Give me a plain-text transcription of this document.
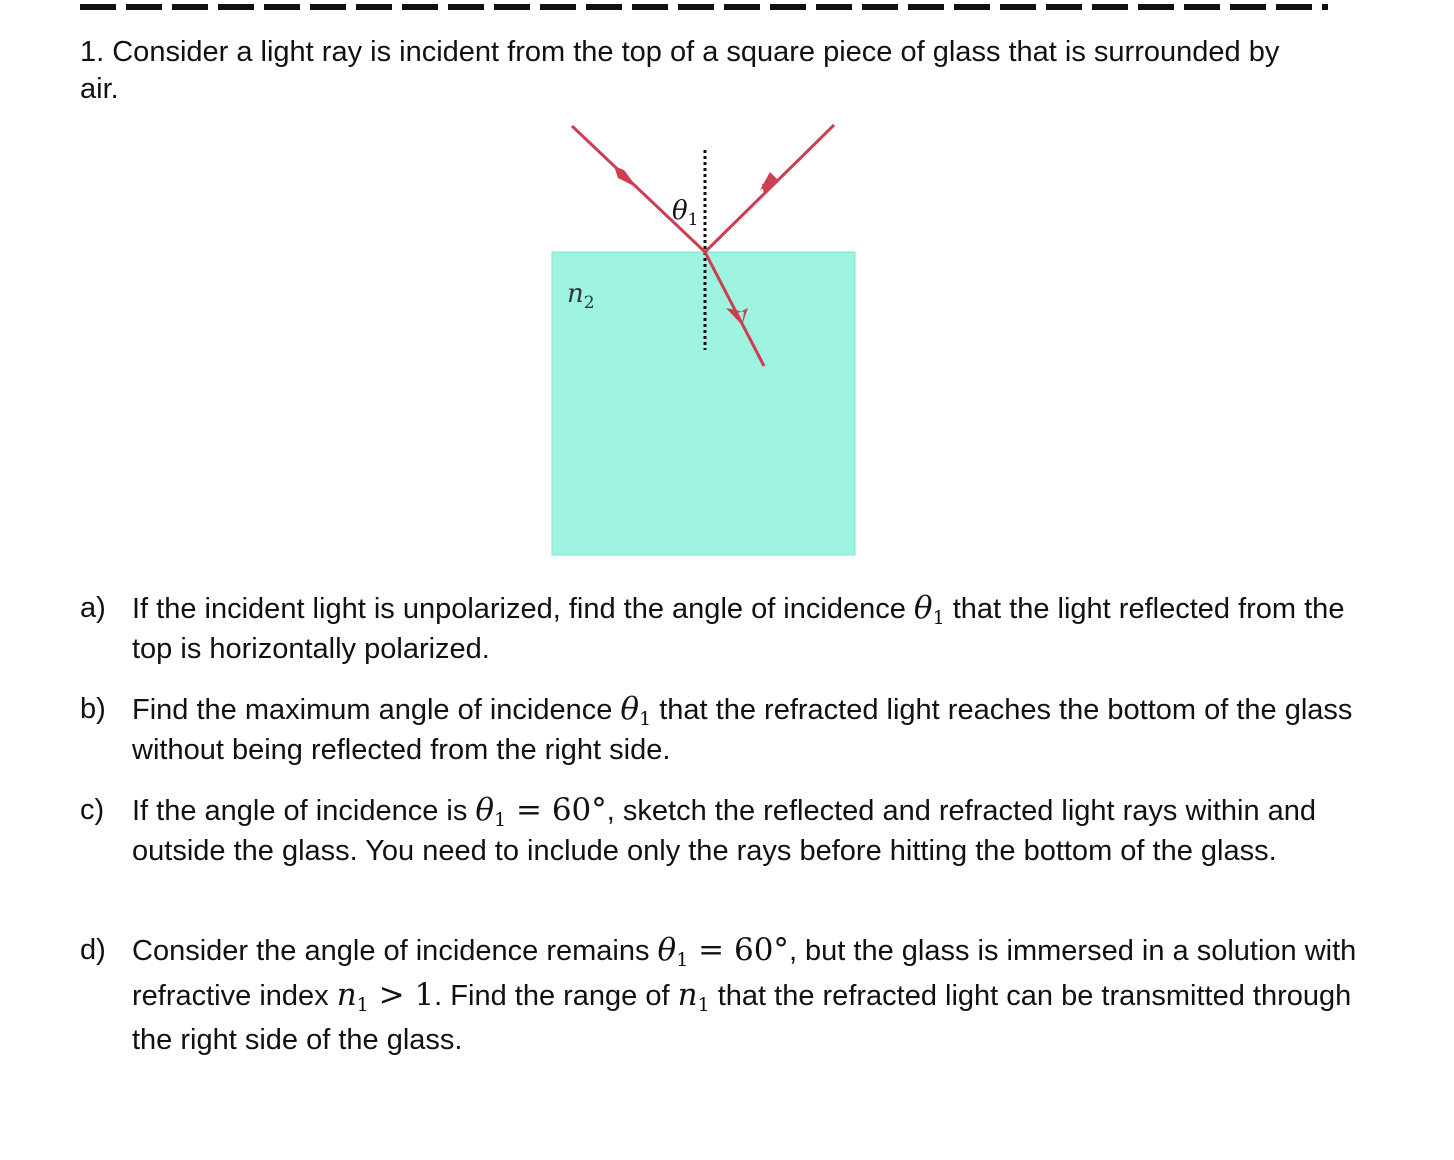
1. Consider a light ray is incident from the top of a square piece of glass that is surrounded by air.

$\theta_1$
$n_2$

a) If the incident light is unpolarized, find the angle of incidence $\theta_1$ that the light reflected from the top is horizontally polarized.

b) Find the maximum angle of incidence $\theta_1$ that the refracted light reaches the bottom of the glass without being reflected from the right side.

c) If the angle of incidence is $\theta_1 = 60^\circ$, sketch the reflected and refracted light rays within and outside the glass. You need to include only the rays before hitting the bottom of the glass.

d) Consider the angle of incidence remains $\theta_1 = 60^\circ$, but the glass is immersed in a solution with refractive index $n_1 > 1$. Find the range of $n_1$ that the refracted light can be transmitted through the right side of the glass.
